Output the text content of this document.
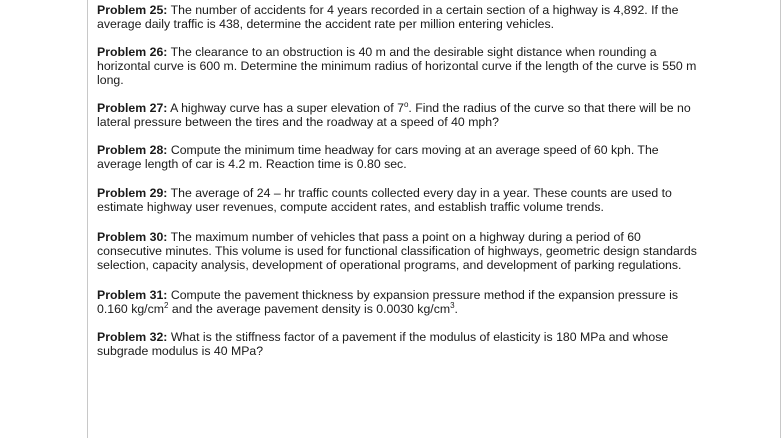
Problem 25: The number of accidents for 4 years recorded in a certain section of a highway is 4,892. If the average daily traffic is 438, determine the accident rate per million entering vehicles.

Problem 26: The clearance to an obstruction is 40 m and the desirable sight distance when rounding a horizontal curve is 600 m. Determine the minimum radius of horizontal curve if the length of the curve is 550 m long.

Problem 27: A highway curve has a super elevation of 7$^o$. Find the radius of the curve so that there will be no lateral pressure between the tires and the roadway at a speed of 40 mph?

Problem 28: Compute the minimum time headway for cars moving at an average speed of 60 kph. The average length of car is 4.2 m. Reaction time is 0.80 sec.

Problem 29: The average of 24 – hr traffic counts collected every day in a year. These counts are used to estimate highway user revenues, compute accident rates, and establish traffic volume trends.

Problem 30: The maximum number of vehicles that pass a point on a highway during a period of 60 consecutive minutes. This volume is used for functional classification of highways, geometric design standards selection, capacity analysis, development of operational programs, and development of parking regulations.

Problem 31: Compute the pavement thickness by expansion pressure method if the expansion pressure is 0.160 $kg/cm^2$ and the average pavement density is 0.0030 $kg/cm^3$.

Problem 32: What is the stiffness factor of a pavement if the modulus of elasticity is 180 MPa and whose subgrade modulus is 40 MPa?
